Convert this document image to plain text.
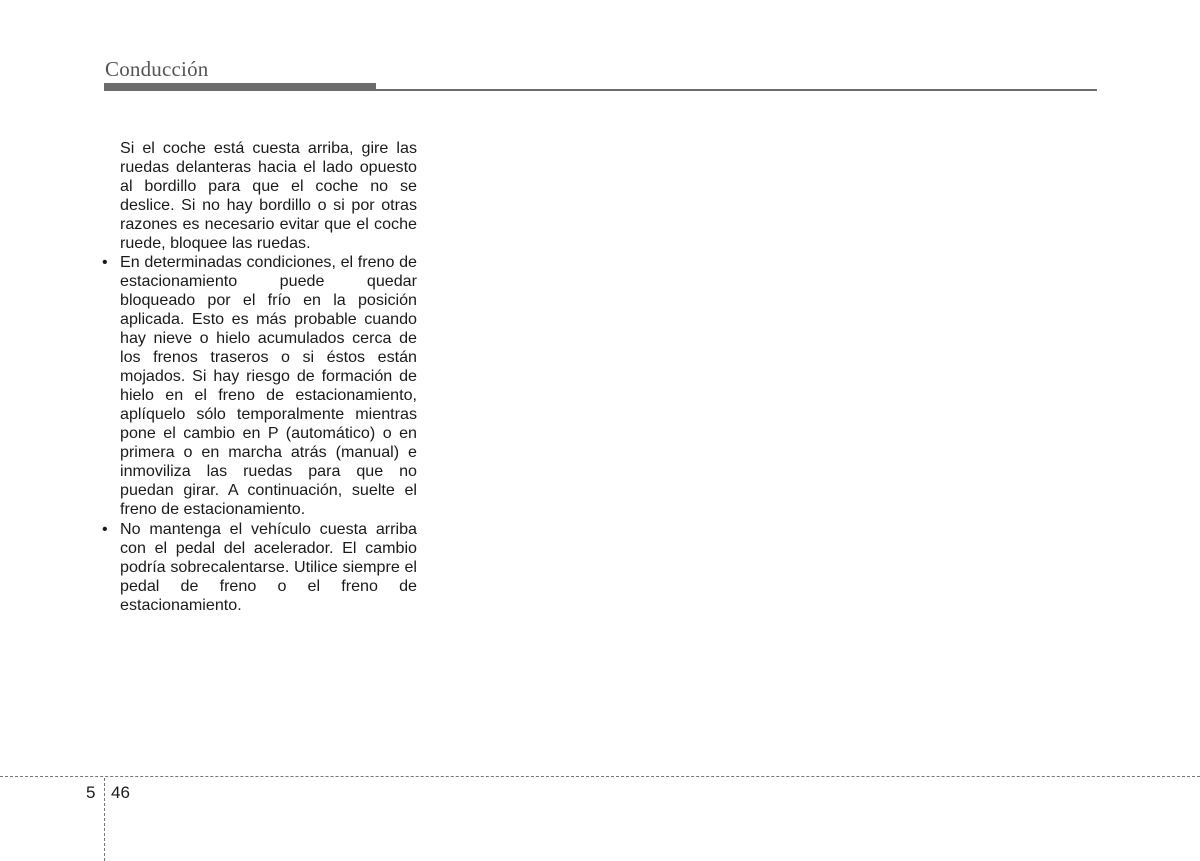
Conducción

Si el coche está cuesta arriba, gire las ruedas delanteras hacia el lado opuesto al bordillo para que el coche no se deslice. Si no hay bordillo o si por otras razones es necesario evitar que el coche ruede, bloquee las ruedas.

• En determinadas condiciones, el freno de estacionamiento puede quedar bloqueado por el frío en la posición aplicada. Esto es más probable cuando hay nieve o hielo acumulados cerca de los frenos traseros o si éstos están mojados. Si hay riesgo de formación de hielo en el freno de estacionamiento, aplíquelo sólo temporalmente mientras pone el cambio en P (automático) o en primera o en marcha atrás (manual) e inmoviliza las ruedas para que no puedan girar. A continuación, suelte el freno de estacionamiento.
• No mantenga el vehículo cuesta arriba con el pedal del acelerador. El cambio podría sobrecalentarse. Utilice siempre el pedal de freno o el freno de estacionamiento.
5 46
